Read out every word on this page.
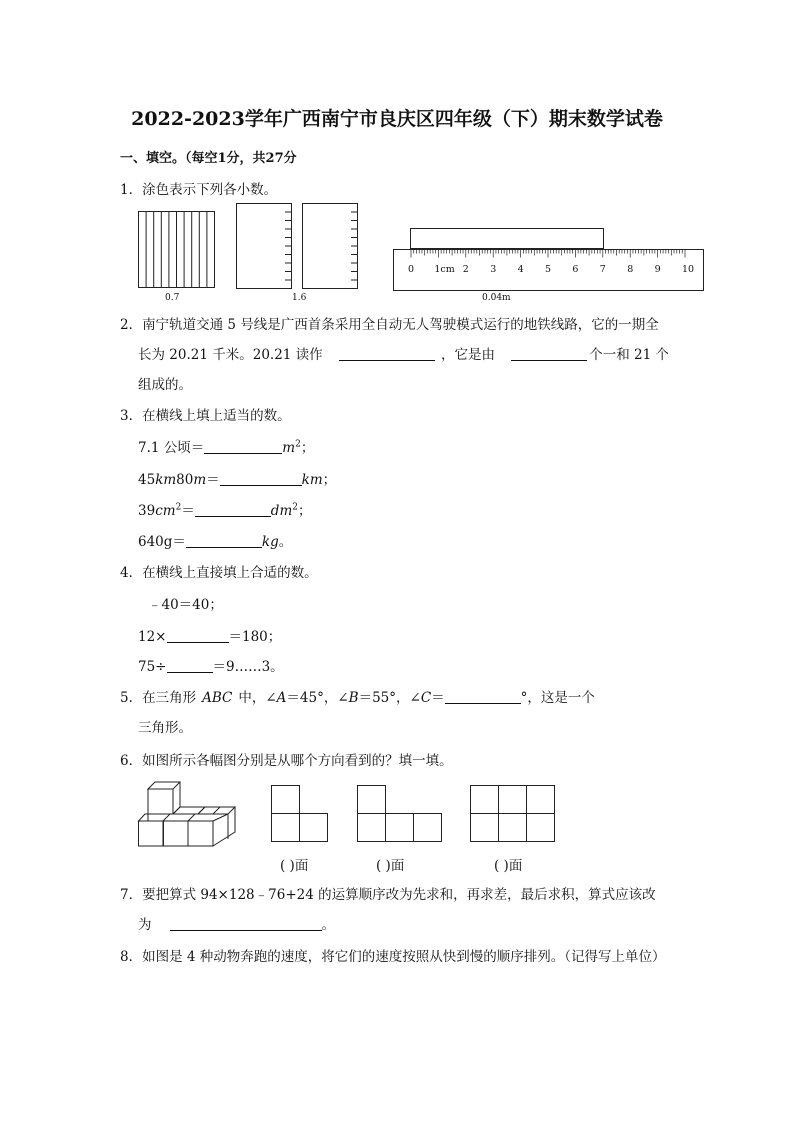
2022-2023学年广西南宁市良庆区四年级（下）期末数学试卷
一、填空。（每空1分，共27分
1．涂色表示下列各小数。
0.7	1.6	0.04m
0 1cm 2 3 4 5 6 7 8 9 10
2．南宁轨道交通 5 号线是广西首条采用全自动无人驾驶模式运行的地铁线路，它的一期全
长为 20.21 千米。20.21 读作	，它是由	个一和 21 个
组成的。
3．在横线上填上适当的数。
7.1 公顷＝	$m^2$；
45km80m＝	km；
$39cm^2=$	$dm^2$；
640g＝	kg。
4．在横线上直接填上合适的数。
﹣40＝40；
12×	＝180；
75÷	＝9……3。
5．在三角形 ABC 中，∠A＝45°，∠B＝55°，∠C＝	°，这是一个
三角形。
6．如图所示各幅图分别是从哪个方向看到的？填一填。
( )面	( )面	( )面
7．要把算式 94×128﹣76+24 的运算顺序改为先求和，再求差，最后求积，算式应该改
为	。
8．如图是 4 种动物奔跑的速度，将它们的速度按照从快到慢的顺序排列。（记得写上单位）
